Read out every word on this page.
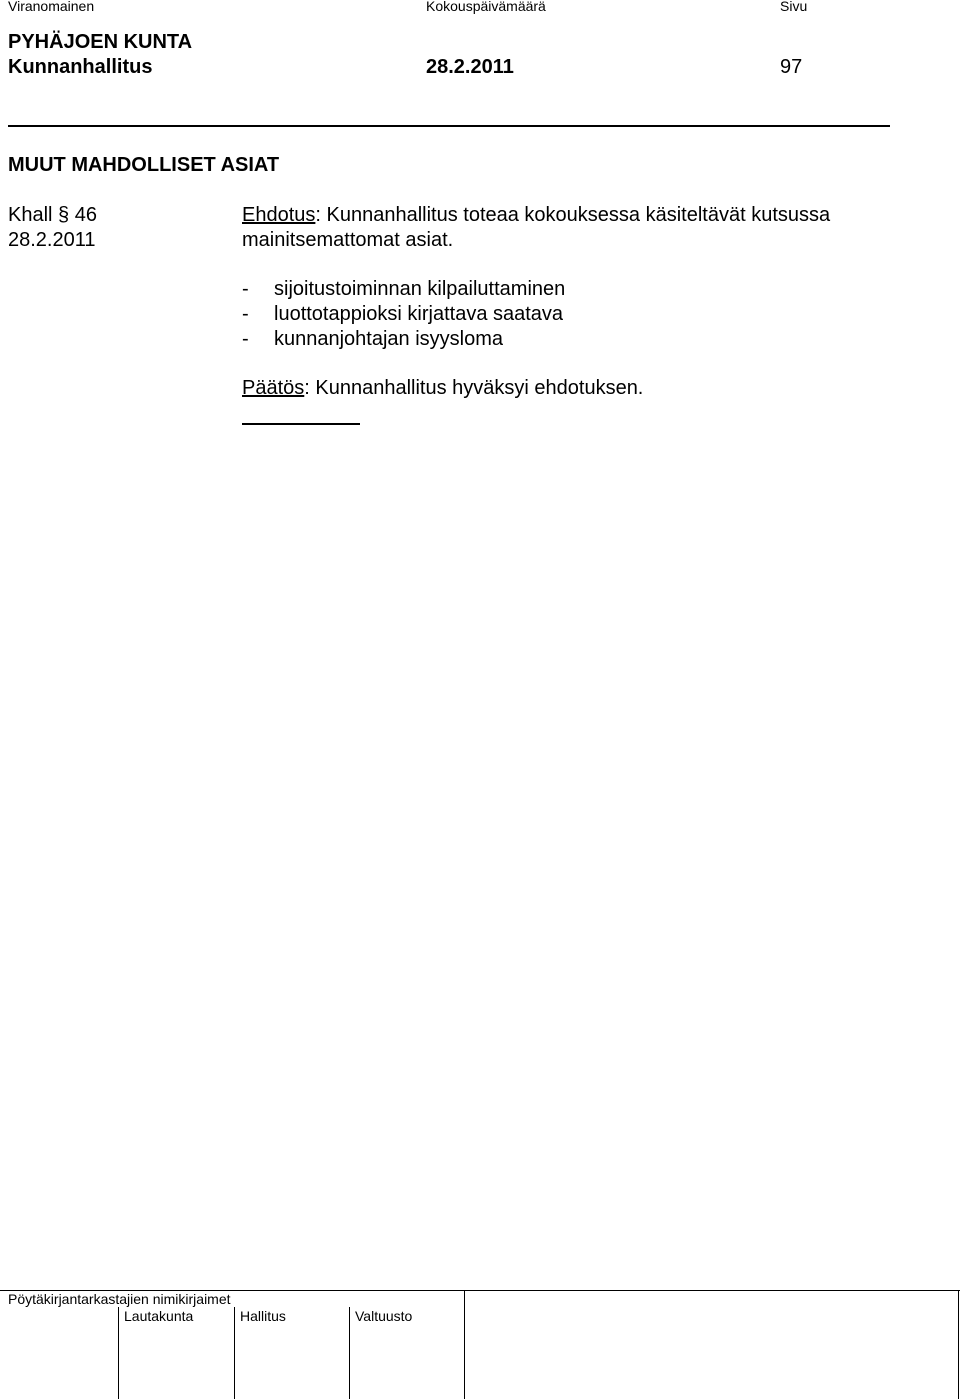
Viranomainen	Kokouspäivämäärä	Sivu
PYHÄJOEN KUNTA
Kunnanhallitus	28.2.2011	97
MUUT MAHDOLLISET ASIAT
Khall § 46
28.2.2011
Ehdotus: Kunnanhallitus toteaa kokouksessa käsiteltävät kutsussa
mainitsemattomat asiat.
- sijoitustoiminnan kilpailuttaminen
- luottotappioksi kirjattava saatava
- kunnanjohtajan isyysloma
Päätös: Kunnanhallitus hyväksyi ehdotuksen.
Pöytäkirjantarkastajien nimikirjaimet
Lautakunta	Hallitus	Valtuusto
